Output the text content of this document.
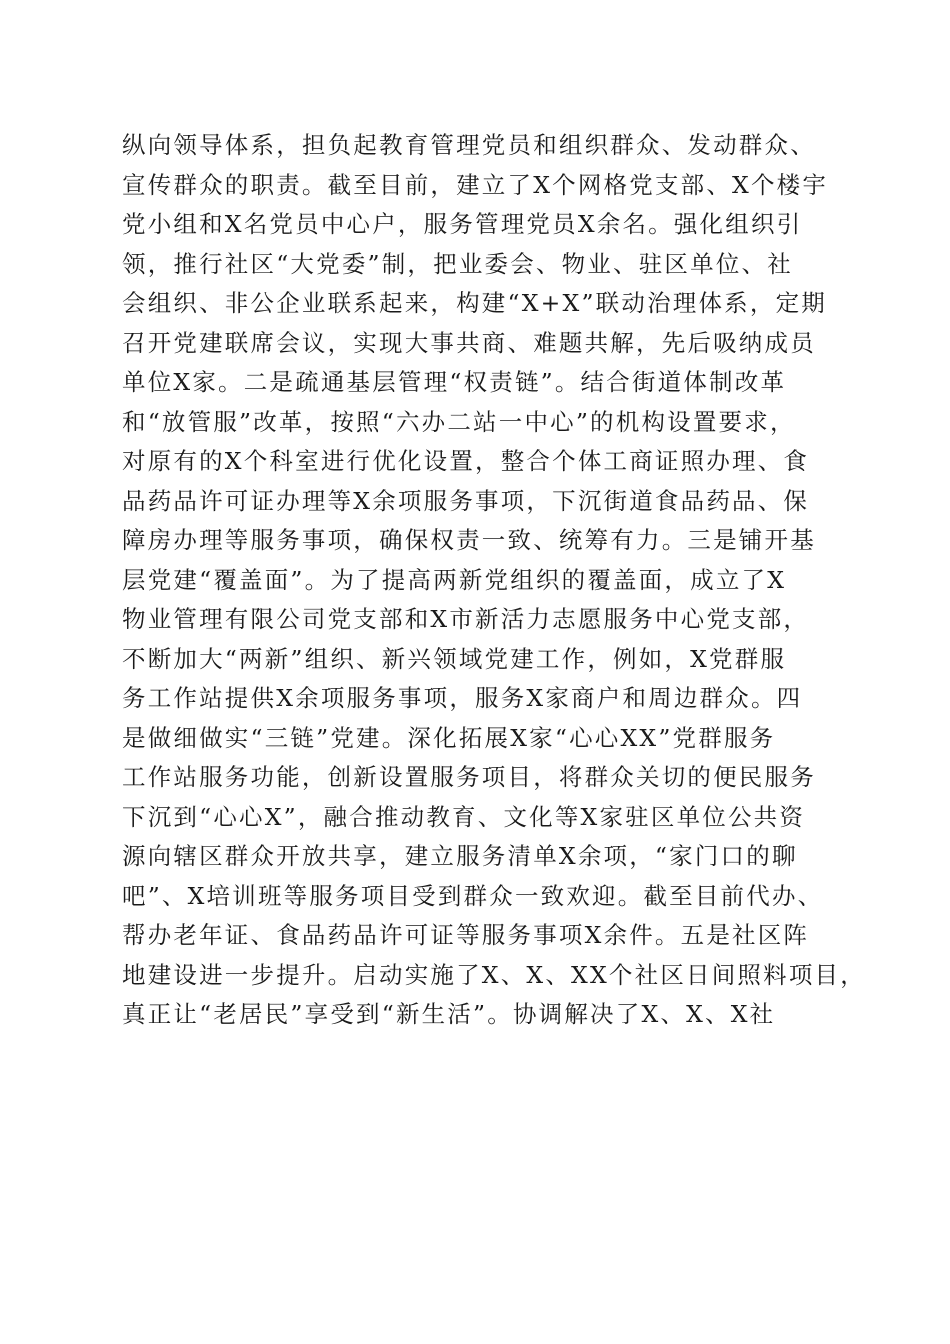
纵向领导体系，担负起教育管理党员和组织群众、发动群众、
宣传群众的职责。截至目前，建立了X个网格党支部、X个楼宇
党小组和X名党员中心户，服务管理党员X余名。强化组织引
领，推行社区“大党委”制，把业委会、物业、驻区单位、社
会组织、非公企业联系起来，构建“X+X”联动治理体系，定期
召开党建联席会议，实现大事共商、难题共解，先后吸纳成员
单位X家。二是疏通基层管理“权责链”。结合街道体制改革
和“放管服”改革，按照“六办二站一中心”的机构设置要求，
对原有的X个科室进行优化设置，整合个体工商证照办理、食
品药品许可证办理等X余项服务事项，下沉街道食品药品、保
障房办理等服务事项，确保权责一致、统筹有力。三是铺开基
层党建“覆盖面”。为了提高两新党组织的覆盖面，成立了X
物业管理有限公司党支部和X市新活力志愿服务中心党支部，
不断加大“两新”组织、新兴领域党建工作，例如，X党群服
务工作站提供X余项服务事项，服务X家商户和周边群众。四
是做细做实“三链”党建。深化拓展X家“心心XX”党群服务
工作站服务功能，创新设置服务项目，将群众关切的便民服务
下沉到“心心X”，融合推动教育、文化等X家驻区单位公共资
源向辖区群众开放共享，建立服务清单X余项，“家门口的聊
吧”、X培训班等服务项目受到群众一致欢迎。截至目前代办、
帮办老年证、食品药品许可证等服务事项X余件。五是社区阵
地建设进一步提升。启动实施了X、X、XX个社区日间照料项目，
真正让“老居民”享受到“新生活”。协调解决了X、X、X社
